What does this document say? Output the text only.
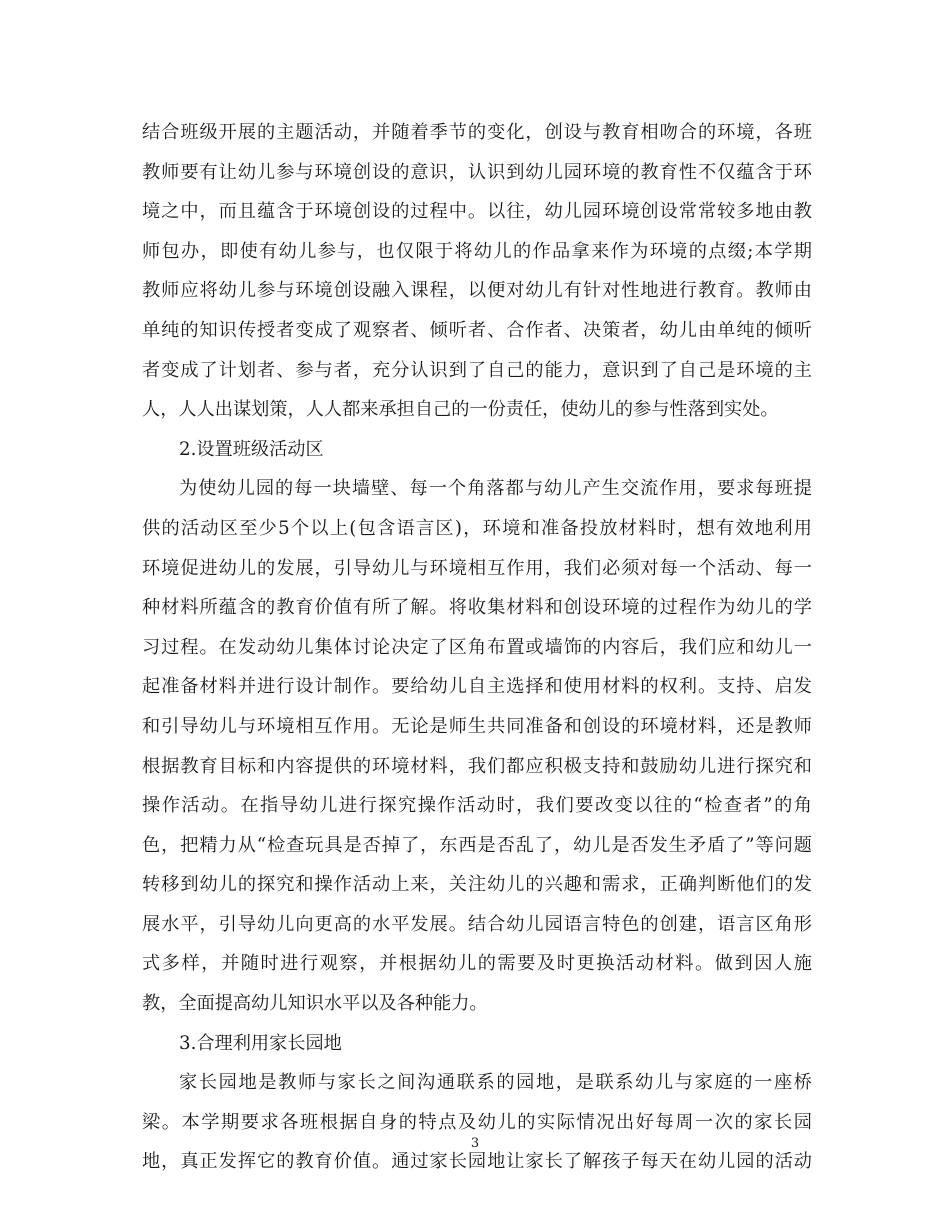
结合班级开展的主题活动，并随着季节的变化，创设与教育相吻合的环境，各班
教师要有让幼儿参与环境创设的意识，认识到幼儿园环境的教育性不仅蕴含于环
境之中，而且蕴含于环境创设的过程中。以往，幼儿园环境创设常常较多地由教
师包办，即使有幼儿参与，也仅限于将幼儿的作品拿来作为环境的点缀;本学期
教师应将幼儿参与环境创设融入课程，以便对幼儿有针对性地进行教育。教师由
单纯的知识传授者变成了观察者、倾听者、合作者、决策者，幼儿由单纯的倾听
者变成了计划者、参与者，充分认识到了自己的能力，意识到了自己是环境的主
人，人人出谋划策，人人都来承担自己的一份责任，使幼儿的参与性落到实处。
2.设置班级活动区
为使幼儿园的每一块墙壁、每一个角落都与幼儿产生交流作用，要求每班提
供的活动区至少5个以上(包含语言区)，环境和准备投放材料时，想有效地利用
环境促进幼儿的发展，引导幼儿与环境相互作用，我们必须对每一个活动、每一
种材料所蕴含的教育价值有所了解。将收集材料和创设环境的过程作为幼儿的学
习过程。在发动幼儿集体讨论决定了区角布置或墙饰的内容后，我们应和幼儿一
起准备材料并进行设计制作。要给幼儿自主选择和使用材料的权利。支持、启发
和引导幼儿与环境相互作用。无论是师生共同准备和创设的环境材料，还是教师
根据教育目标和内容提供的环境材料，我们都应积极支持和鼓励幼儿进行探究和
操作活动。在指导幼儿进行探究操作活动时，我们要改变以往的“检查者”的角
色，把精力从“检查玩具是否掉了，东西是否乱了，幼儿是否发生矛盾了”等问题
转移到幼儿的探究和操作活动上来，关注幼儿的兴趣和需求，正确判断他们的发
展水平，引导幼儿向更高的水平发展。结合幼儿园语言特色的创建，语言区角形
式多样，并随时进行观察，并根据幼儿的需要及时更换活动材料。做到因人施
教，全面提高幼儿知识水平以及各种能力。
3.合理利用家长园地
家长园地是教师与家长之间沟通联系的园地，是联系幼儿与家庭的一座桥
梁。本学期要求各班根据自身的特点及幼儿的实际情况出好每周一次的家长园
地，真正发挥它的教育价值。通过家长园地让家长了解孩子每天在幼儿园的活动
3
